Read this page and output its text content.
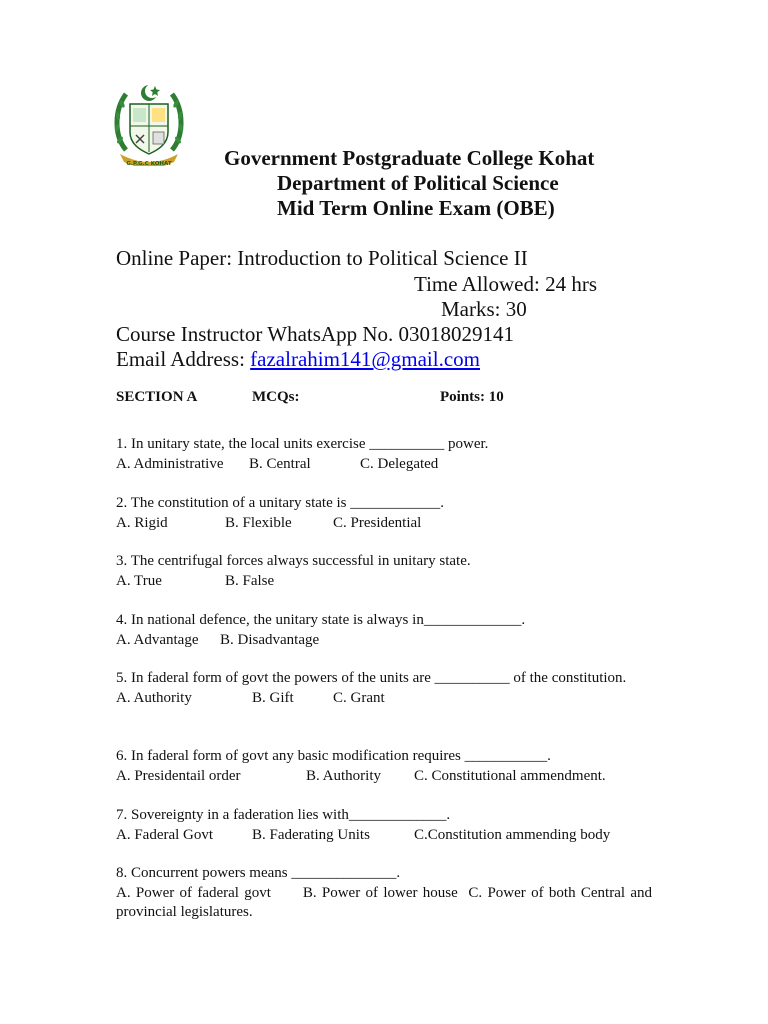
G.P.G.C KOHAT Government Postgraduate College Kohat
Department of Political Science
Mid Term Online Exam (OBE)
Online Paper: Introduction to Political Science II
Time Allowed: 24 hrs
Marks: 30
Course Instructor WhatsApp No. 03018029141
Email Address: fazalrahim141@gmail.com
SECTION A	MCQs:	Points: 10
1. In unitary state, the local units exercise __________ power.
A. Administrative B. Central	C. Delegated
2. The constitution of a unitary state is ____________.
A. Rigid	B. Flexible	C. Presidential
3. The centrifugal forces always successful in unitary state.
A. True	B. False
4. In national defence, the unitary state is always in_____________.
A. Advantage B. Disadvantage
5. In faderal form of govt the powers of the units are __________ of the constitution.
A. Authority	B. Gift	C. Grant
6. In faderal form of govt any basic modification requires ___________.
A. Presidentail order	B. Authority C. Constitutional ammendment.
7. Sovereignty in a faderation lies with_____________.
A. Faderal Govt	B. Faderating Units	C.Constitution ammending body
8. Concurrent powers means ______________.
A. Power of faderal govt B. Power of lower house C. Power of both Central and provincial legislatures.
